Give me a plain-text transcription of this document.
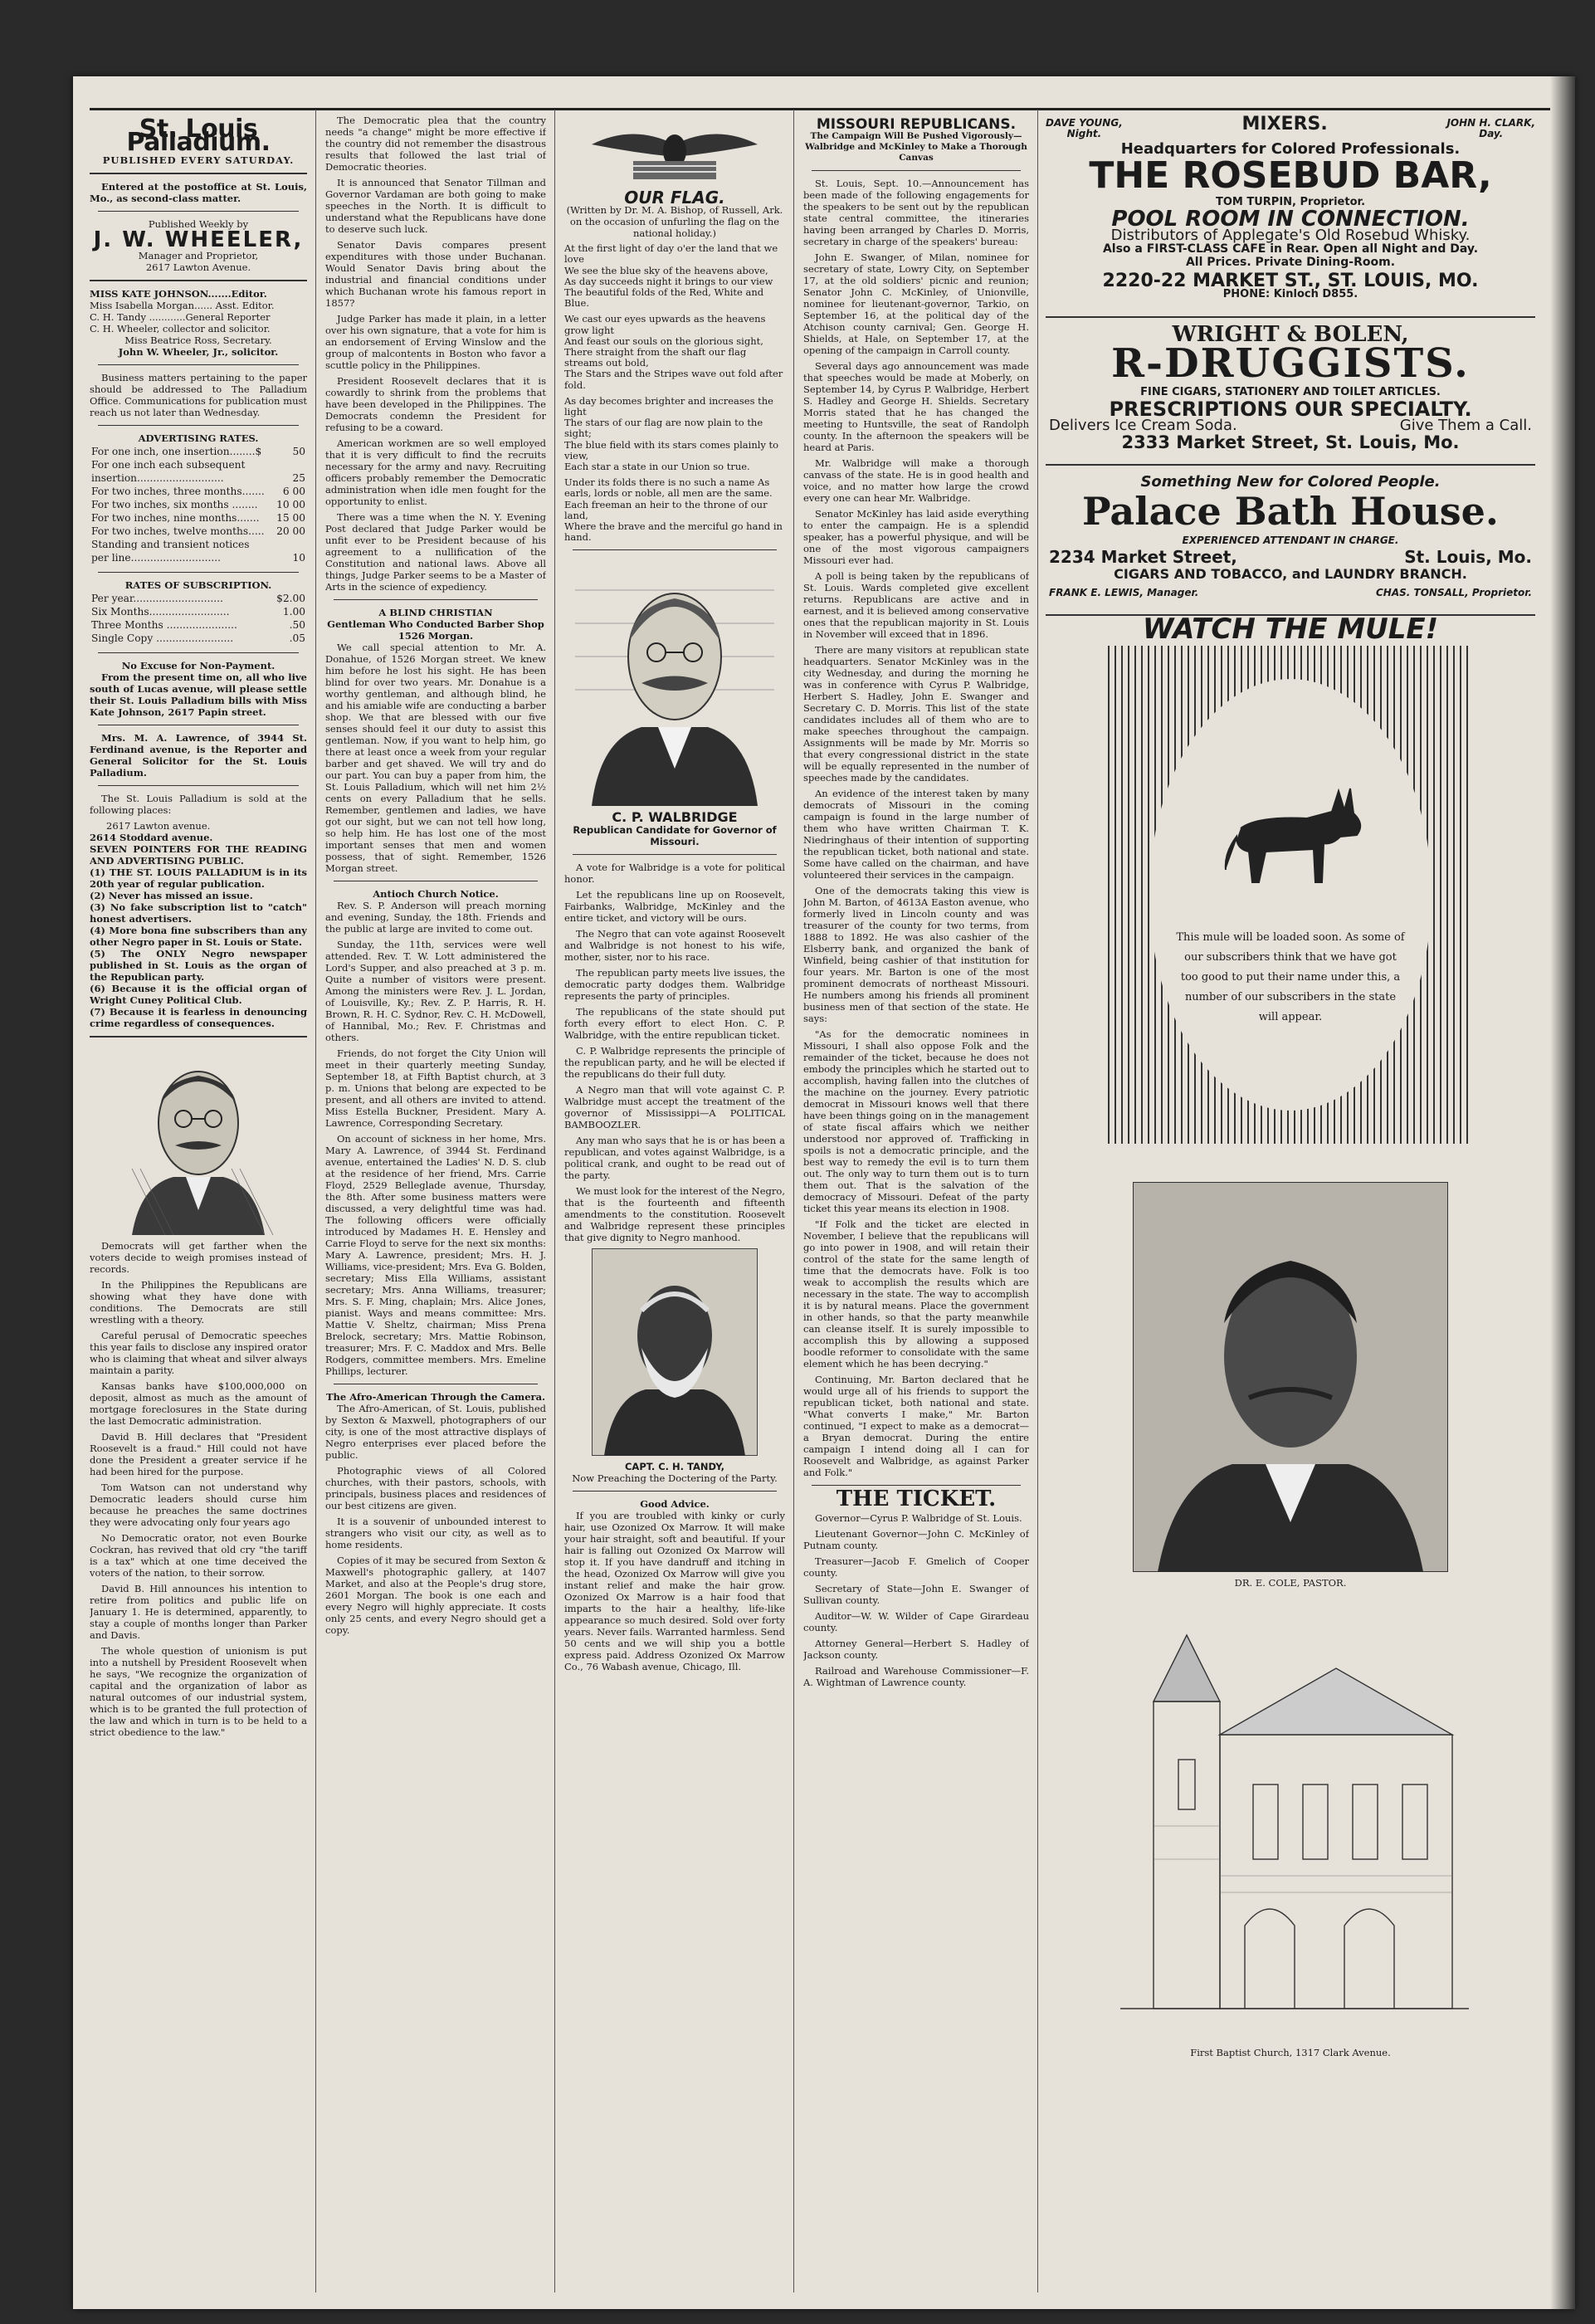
St. Louis Palladium.
PUBLISHED EVERY SATURDAY.

Entered at the postoffice at St. Louis, Mo., as second-class matter.

Published Weekly by
J. W. WHEELER,
Manager and Proprietor,
2617 Lawton Avenue.
MISS KATE JOHNSON.......Editor.
Miss Isabella Morgan...... Asst. Editor.
C. H. Tandy ............General Reporter
C. H. Wheeler, collector and solicitor.
Miss Beatrice Ross, Secretary.
John W. Wheeler, Jr., solicitor.

Business matters pertaining to the paper should be addressed to The Palladium Office. Communications for publication must reach us not later than Wednesday.

ADVERTISING RATES.
For one inch, one insertion........$	50
For one inch each subsequent	
insertion...........................	25
For two inches, three months.......	6 00
For two inches, six months ........	10 00
For two inches, nine months.......	15 00
For two inches, twelve months.....	20 00
Standing and transient notices	
per line............................	10
RATES OF SUBSCRIPTION.
Per year............................	$2.00
Six Months.........................	1.00
Three Months ......................	.50
Single Copy ........................	.05
No Excuse for Non-Payment.

From the present time on, all who live south of Lucas avenue, will please settle their St. Louis Palladium bills with Miss Kate Johnson, 2617 Papin street.

Mrs. M. A. Lawrence, of 3944 St. Ferdinand avenue, is the Reporter and General Solicitor for the St. Louis Palladium.

The St. Louis Palladium is sold at the following places:

2617 Lawton avenue.
2614 Stoddard avenue.
SEVEN POINTERS FOR THE READING AND ADVERTISING PUBLIC.
(1) THE ST. LOUIS PALLADIUM is in its 20th year of regular publication.
(2) Never has missed an issue.
(3) No fake subscription list to "catch" honest advertisers.
(4) More bona fine subscribers than any other Negro paper in St. Louis or State.
(5) The ONLY Negro newspaper published in St. Louis as the organ of the Republican party.
(6) Because it is the official organ of Wright Cuney Political Club.
(7) Because it is fearless in denouncing crime regardless of consequences.

Democrats will get farther when the voters decide to weigh promises instead of records.

In the Philippines the Republicans are showing what they have done with conditions. The Democrats are still wrestling with a theory.

Careful perusal of Democratic speeches this year fails to disclose any inspired orator who is claiming that wheat and silver always maintain a parity.

Kansas banks have $100,000,000 on deposit, almost as much as the amount of mortgage foreclosures in the State during the last Democratic administration.

David B. Hill declares that "President Roosevelt is a fraud." Hill could not have done the President a greater service if he had been hired for the purpose.

Tom Watson can not understand why Democratic leaders should curse him because he preaches the same doctrines they were advocating only four years ago

No Democratic orator, not even Bourke Cockran, has revived that old cry "the tariff is a tax" which at one time deceived the voters of the nation, to their sorrow.

David B. Hill announces his intention to retire from politics and public life on January 1. He is determined, apparently, to stay a couple of months longer than Parker and Davis.

The whole question of unionism is put into a nutshell by President Roosevelt when he says, "We recognize the organization of capital and the organization of labor as natural outcomes of our industrial system, which is to be granted the full protection of the law and which in turn is to be held to a strict obedience to the law."

The Democratic plea that the country needs "a change" might be more effective if the country did not remember the disastrous results that followed the last trial of Democratic theories.

It is announced that Senator Tillman and Governor Vardaman are both going to make speeches in the North. It is difficult to understand what the Republicans have done to deserve such luck.

Senator Davis compares present expenditures with those under Buchanan. Would Senator Davis bring about the industrial and financial conditions under which Buchanan wrote his famous report in 1857?

Judge Parker has made it plain, in a letter over his own signature, that a vote for him is an endorsement of Erving Winslow and the group of malcontents in Boston who favor a scuttle policy in the Philippines.

President Roosevelt declares that it is cowardly to shrink from the problems that have been developed in the Philippines. The Democrats condemn the President for refusing to be a coward.

American workmen are so well employed that it is very difficult to find the recruits necessary for the army and navy. Recruiting officers probably remember the Democratic administration when idle men fought for the opportunity to enlist.

There was a time when the N. Y. Evening Post declared that Judge Parker would be unfit ever to be President because of his agreement to a nullification of the Constitution and national laws. Above all things, Judge Parker seems to be a Master of Arts in the science of expediency.

A BLIND CHRISTIAN
Gentleman Who Conducted Barber Shop 1526 Morgan.

We call special attention to Mr. A. Donahue, of 1526 Morgan street. We knew him before he lost his sight. He has been blind for over two years. Mr. Donahue is a worthy gentleman, and although blind, he and his amiable wife are conducting a barber shop. We that are blessed with our five senses should feel it our duty to assist this gentleman. Now, if you want to help him, go there at least once a week from your regular barber and get shaved. We will try and do our part. You can buy a paper from him, the St. Louis Palladium, which will net him 2½ cents on every Palladium that he sells. Remember, gentlemen and ladies, we have got our sight, but we can not tell how long, so help him. He has lost one of the most important senses that men and women possess, that of sight. Remember, 1526 Morgan street.

Antioch Church Notice.

Rev. S. P. Anderson will preach morning and evening, Sunday, the 18th. Friends and the public at large are invited to come out.

Sunday, the 11th, services were well attended. Rev. T. W. Lott administered the Lord's Supper, and also preached at 3 p. m. Quite a number of visitors were present. Among the ministers were Rev. J. L. Jordan, of Louisville, Ky.; Rev. Z. P. Harris, R. H. Brown, R. H. C. Sydnor, Rev. C. H. McDowell, of Hannibal, Mo.; Rev. F. Christmas and others.

Friends, do not forget the City Union will meet in their quarterly meeting Sunday, September 18, at Fifth Baptist church, at 3 p. m. Unions that belong are expected to be present, and all others are invited to attend. Miss Estella Buckner, President. Mary A. Lawrence, Corresponding Secretary.

On account of sickness in her home, Mrs. Mary A. Lawrence, of 3944 St. Ferdinand avenue, entertained the Ladies' N. D. S. club at the residence of her friend, Mrs. Carrie Floyd, 2529 Belleglade avenue, Thursday, the 8th. After some business matters were discussed, a very delightful time was had. The following officers were officially introduced by Madames H. E. Hensley and Carrie Floyd to serve for the next six months: Mary A. Lawrence, president; Mrs. H. J. Williams, vice-president; Mrs. Eva G. Bolden, secretary; Miss Ella Williams, assistant secretary; Mrs. Anna Williams, treasurer; Mrs. S. F. Ming, chaplain; Mrs. Alice Jones, pianist. Ways and means committee: Mrs. Mattie V. Sheltz, chairman; Miss Prena Brelock, secretary; Mrs. Mattie Robinson, treasurer; Mrs. F. C. Maddox and Mrs. Belle Rodgers, committee members. Mrs. Emeline Phillips, lecturer.

The Afro-American Through the Camera.

The Afro-American, of St. Louis, published by Sexton & Maxwell, photographers of our city, is one of the most attractive displays of Negro enterprises ever placed before the public.

Photographic views of all Colored churches, with their pastors, schools, with principals, business places and residences of our best citizens are given.

It is a souvenir of unbounded interest to strangers who visit our city, as well as to home residents.

Copies of it may be secured from Sexton & Maxwell's photographic gallery, at 1407 Market, and also at the People's drug store, 2601 Morgan. The book is one each and every Negro will highly appreciate. It costs only 25 cents, and every Negro should get a copy.

OUR FLAG.

(Written by Dr. M. A. Bishop, of Russell, Ark. on the occasion of unfurling the flag on the national holiday.)

At the first light of day o'er the land that we love
We see the blue sky of the heavens above,
As day succeeds night it brings to our view
The beautiful folds of the Red, White and Blue.
We cast our eyes upwards as the heavens grow light
And feast our souls on the glorious sight,
There straight from the shaft our flag streams out bold,
The Stars and the Stripes wave out fold after fold.
As day becomes brighter and increases the light
The stars of our flag are now plain to the sight;
The blue field with its stars comes plainly to view,
Each star a state in our Union so true.
Under its folds there is no such a name As earls, lords or noble, all men are the same.
Each freeman an heir to the throne of our land,
Where the brave and the merciful go hand in hand.
C. P. WALBRIDGE
Republican Candidate for Governor of Missouri.

A vote for Walbridge is a vote for political honor.

Let the republicans line up on Roosevelt, Fairbanks, Walbridge, McKinley and the entire ticket, and victory will be ours.

The Negro that can vote against Roosevelt and Walbridge is not honest to his wife, mother, sister, nor to his race.

The republican party meets live issues, the democratic party dodges them. Walbridge represents the party of principles.

The republicans of the state should put forth every effort to elect Hon. C. P. Walbridge, with the entire republican ticket.

C. P. Walbridge represents the principle of the republican party, and he will be elected if the republicans do their full duty.

A Negro man that will vote against C. P. Walbridge must accept the treatment of the governor of Mississippi—A POLITICAL BAMBOOZLER.

Any man who says that he is or has been a republican, and votes against Walbridge, is a political crank, and ought to be read out of the party.

We must look for the interest of the Negro, that is the fourteenth and fifteenth amendments to the constitution. Roosevelt and Walbridge represent these principles that give dignity to Negro manhood.

CAPT. C. H. TANDY,
Now Preaching the Doctering of the Party.
Good Advice.

If you are troubled with kinky or curly hair, use Ozonized Ox Marrow. It will make your hair straight, soft and beautiful. If your hair is falling out Ozonized Ox Marrow will stop it. If you have dandruff and itching in the head, Ozonized Ox Marrow will give you instant relief and make the hair grow. Ozonized Ox Marrow is a hair food that imparts to the hair a healthy, life-like appearance so much desired. Sold over forty years. Never fails. Warranted harmless. Send 50 cents and we will ship you a bottle express paid. Address Ozonized Ox Marrow Co., 76 Wabash avenue, Chicago, Ill.

MISSOURI REPUBLICANS.
The Campaign Will Be Pushed Vigorously—Walbridge and McKinley to Make a Thorough Canvas

St. Louis, Sept. 10.—Announcement has been made of the following engagements for the speakers to be sent out by the republican state central committee, the itineraries having been arranged by Charles D. Morris, secretary in charge of the speakers' bureau:

John E. Swanger, of Milan, nominee for secretary of state, Lowry City, on September 17, at the old soldiers' picnic and reunion; Senator John C. McKinley, of Unionville, nominee for lieutenant-governor, Tarkio, on September 16, at the political day of the Atchison county carnival; Gen. George H. Shields, at Hale, on September 17, at the opening of the campaign in Carroll county.

Several days ago announcement was made that speeches would be made at Moberly, on September 14, by Cyrus P. Walbridge, Herbert S. Hadley and George H. Shields. Secretary Morris stated that he has changed the meeting to Huntsville, the seat of Randolph county. In the afternoon the speakers will be heard at Paris.

Mr. Walbridge will make a thorough canvass of the state. He is in good health and voice, and no matter how large the crowd every one can hear Mr. Walbridge.

Senator McKinley has laid aside everything to enter the campaign. He is a splendid speaker, has a powerful physique, and will be one of the most vigorous campaigners Missouri ever had.

A poll is being taken by the republicans of St. Louis. Wards completed give excellent returns. Republicans are active and in earnest, and it is believed among conservative ones that the republican majority in St. Louis in November will exceed that in 1896.

There are many visitors at republican state headquarters. Senator McKinley was in the city Wednesday, and during the morning he was in conference with Cyrus P. Walbridge, Herbert S. Hadley, John E. Swanger and Secretary C. D. Morris. This list of the state candidates includes all of them who are to make speeches throughout the campaign. Assignments will be made by Mr. Morris so that every congressional district in the state will be equally represented in the number of speeches made by the candidates.

An evidence of the interest taken by many democrats of Missouri in the coming campaign is found in the large number of them who have written Chairman T. K. Niedringhaus of their intention of supporting the republican ticket, both national and state. Some have called on the chairman, and have volunteered their services in the campaign.

One of the democrats taking this view is John M. Barton, of 4613A Easton avenue, who formerly lived in Lincoln county and was treasurer of the county for two terms, from 1888 to 1892. He was also cashier of the Elsberry bank, and organized the bank of Winfield, being cashier of that institution for four years. Mr. Barton is one of the most prominent democrats of northeast Missouri. He numbers among his friends all prominent business men of that section of the state. He says:

"As for the democratic nominees in Missouri, I shall also oppose Folk and the remainder of the ticket, because he does not embody the principles which he started out to accomplish, having fallen into the clutches of the machine on the journey. Every patriotic democrat in Missouri knows well that there have been things going on in the management of state fiscal affairs which we neither understood nor approved of. Trafficking in spoils is not a democratic principle, and the best way to remedy the evil is to turn them out. The only way to turn them out is to turn them out. That is the salvation of the democracy of Missouri. Defeat of the party ticket this year means its election in 1908.

"If Folk and the ticket are elected in November, I believe that the republicans will go into power in 1908, and will retain their control of the state for the same length of time that the democrats have. Folk is too weak to accomplish the results which are necessary in the state. The way to accomplish it is by natural means. Place the government in other hands, so that the party meanwhile can cleanse itself. It is surely impossible to accomplish this by allowing a supposed boodle reformer to consolidate with the same element which he has been decrying."

Continuing, Mr. Barton declared that he would urge all of his friends to support the republican ticket, both national and state. "What converts I make," Mr. Barton continued, "I expect to make as a democrat—a Bryan democrat. During the entire campaign I intend doing all I can for Roosevelt and Walbridge, as against Parker and Folk."

THE TICKET.

Governor—Cyrus P. Walbridge of St. Louis.

Lieutenant Governor—John C. McKinley of Putnam county.

Treasurer—Jacob F. Gmelich of Cooper county.

Secretary of State—John E. Swanger of Sullivan county.

Auditor—W. W. Wilder of Cape Girardeau county.

Attorney General—Herbert S. Hadley of Jackson county.

Railroad and Warehouse Commissioner—F. A. Wightman of Lawrence county.

DAVE YOUNG,
Night.	MIXERS.	JOHN H. CLARK,
Day.
Headquarters for Colored Professionals.
THE ROSEBUD BAR,
TOM TURPIN, Proprietor.
POOL ROOM IN CONNECTION.
Distributors of Applegate's Old Rosebud Whisky.
Also a FIRST-CLASS CAFE in Rear. Open all Night and Day.
All Prices. Private Dining-Room.
2220-22 MARKET ST., ST. LOUIS, MO.
PHONE: Kinloch D855.
WRIGHT & BOLEN,
R-DRUGGISTS.
FINE CIGARS, STATIONERY AND TOILET ARTICLES.
PRESCRIPTIONS OUR SPECIALTY.
Delivers Ice Cream Soda.	Give Them a Call.
2333 Market Street, St. Louis, Mo.
Something New for Colored People.
Palace Bath House.
EXPERIENCED ATTENDANT IN CHARGE.
2234 Market Street,	St. Louis, Mo.
CIGARS AND TOBACCO, and LAUNDRY BRANCH.
FRANK E. LEWIS, Manager.	CHAS. TONSALL, Proprietor.
WATCH THE MULE!
This mule will be loaded soon. As some of our subscribers think that we have got too good to put their name under this, a number of our subscribers in the state will appear.
DR. E. COLE, PASTOR.
First Baptist Church, 1317 Clark Avenue.
